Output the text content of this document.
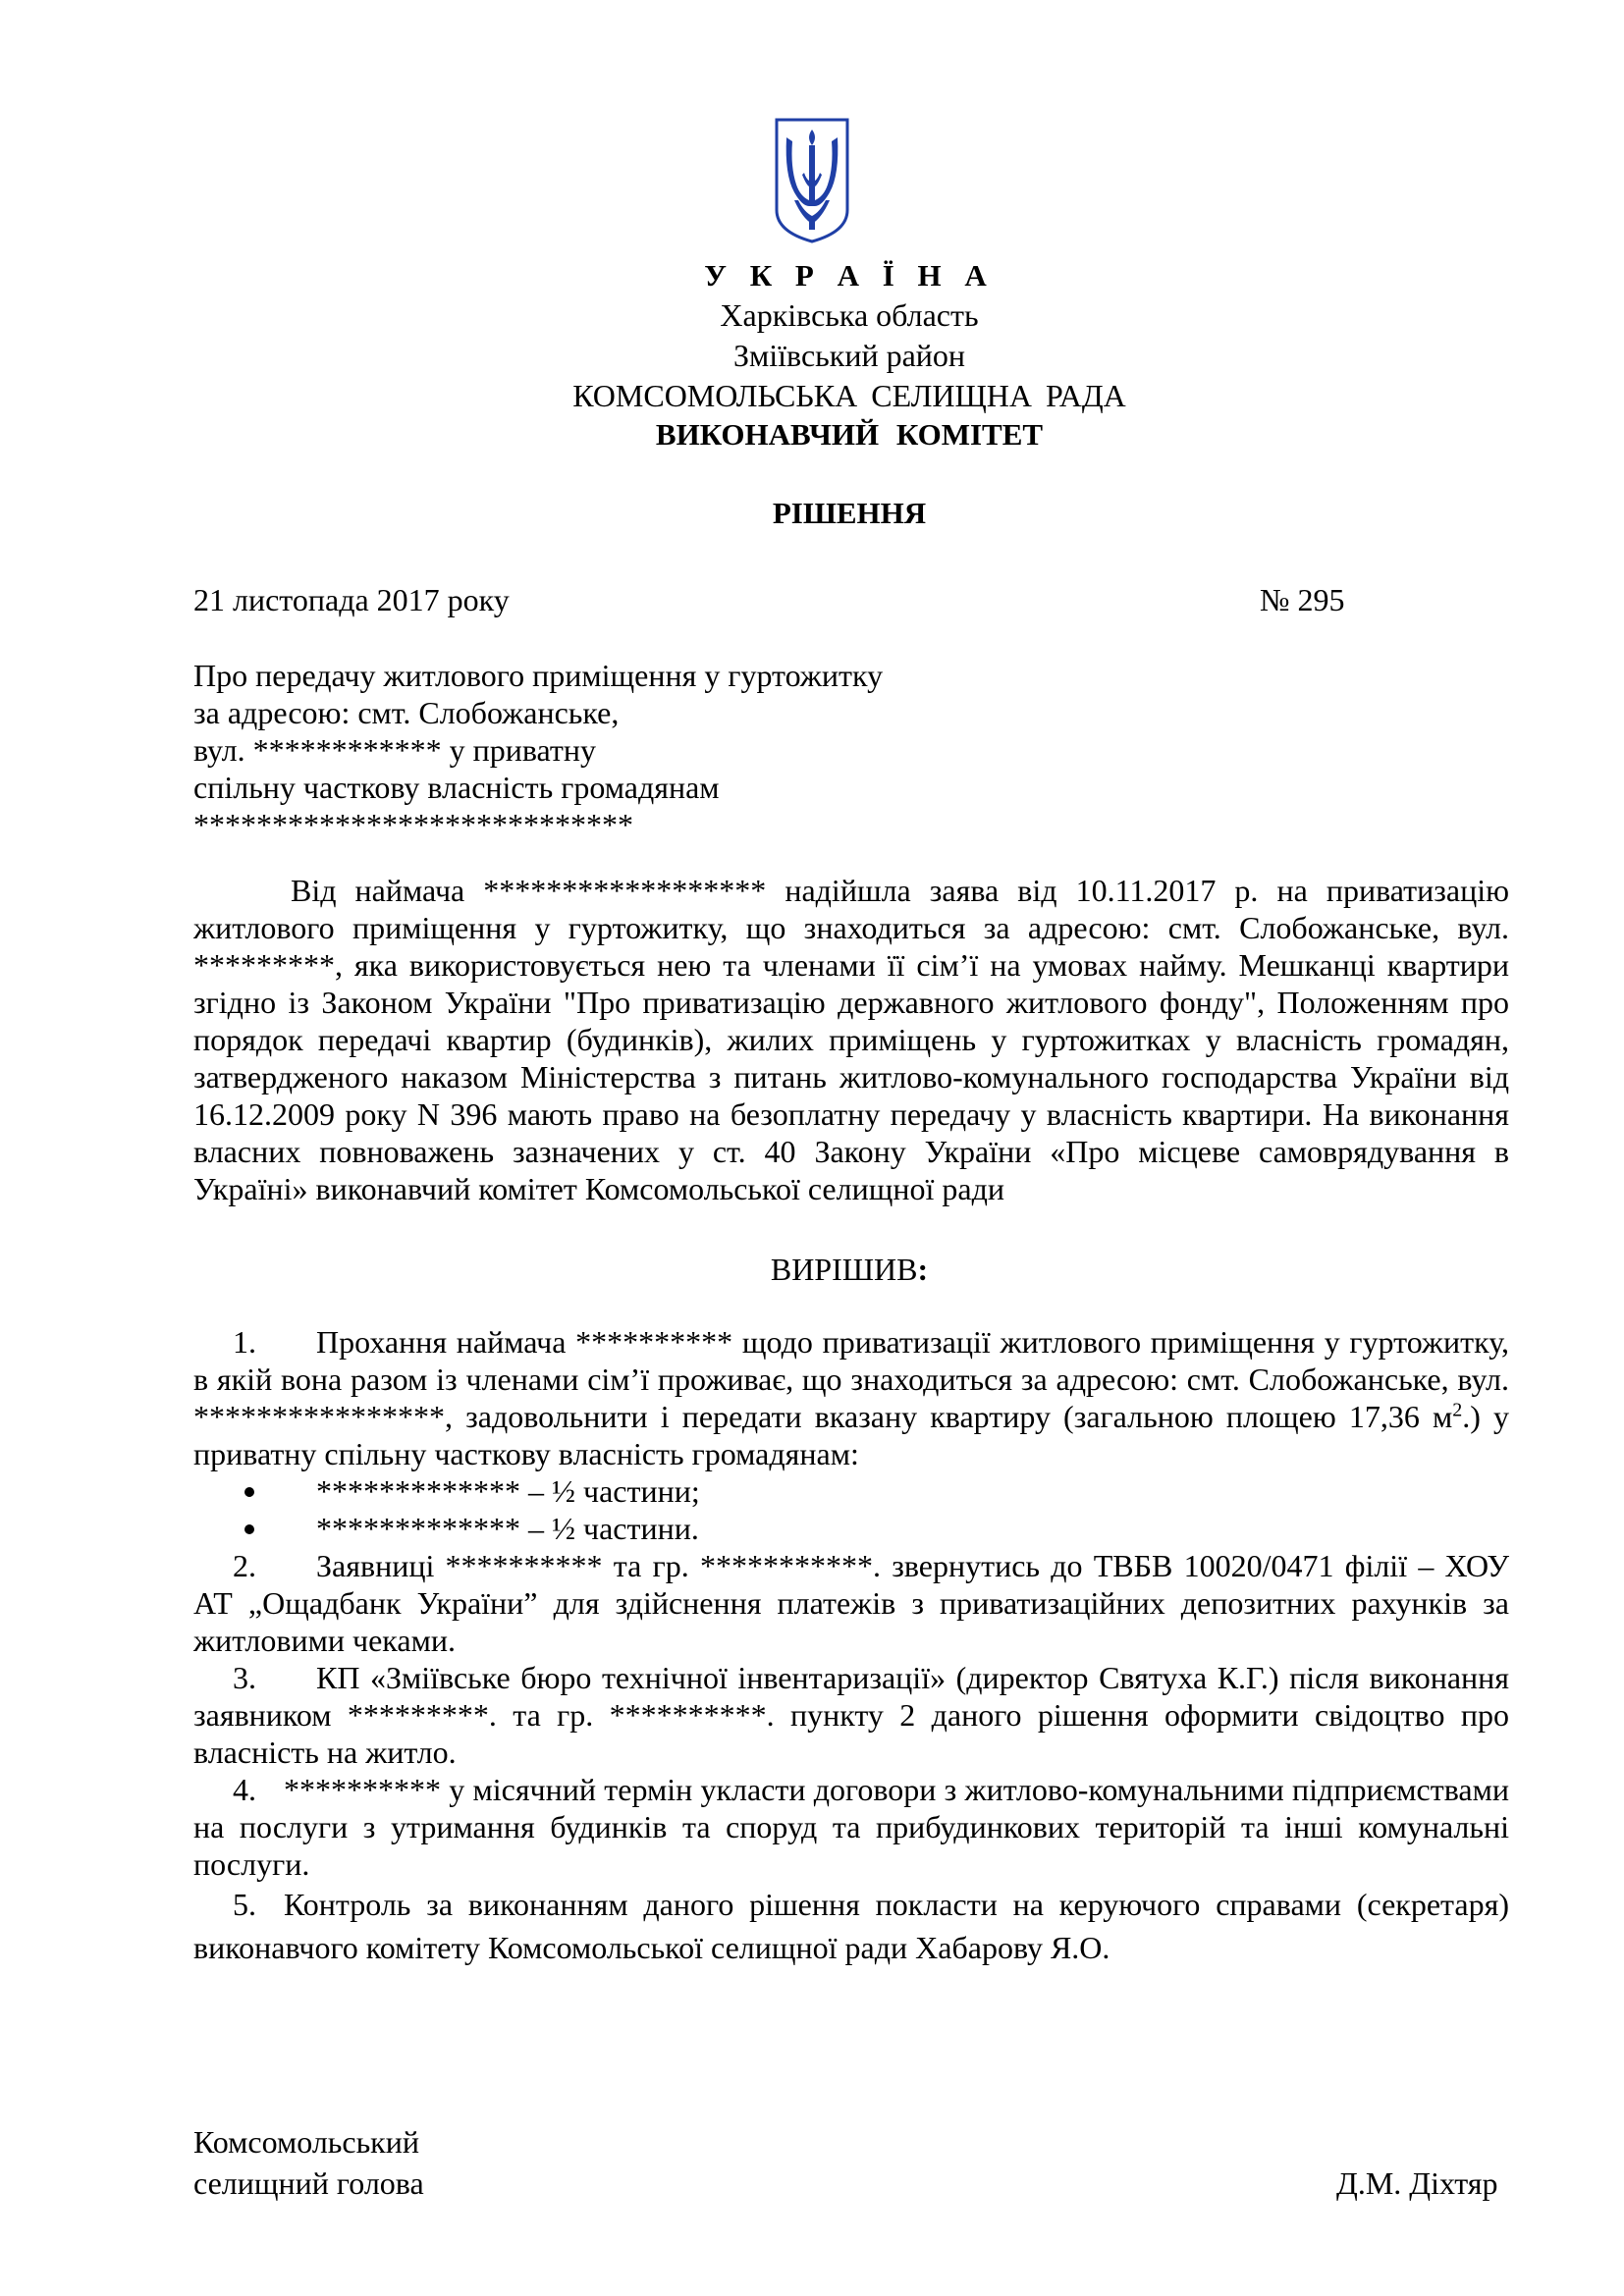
У К Р А Ї Н А
Харківська область
Зміївський район
КОМСОМОЛЬСЬКА СЕЛИЩНА РАДА
ВИКОНАВЧИЙ КОМІТЕТ
РІШЕННЯ
21 листопада 2017 року	№ 295
Про передачу житлового приміщення у гуртожитку
за адресою: смт. Слобожанське,
вул. ************ у приватну
спільну часткову власність громадянам
****************************
Від наймача ****************** надійшла заява від 10.11.2017 р. на приватизацію житлового приміщення у гуртожитку, що знаходиться за адресою: смт. Слобожанське, вул. *********, яка використовується нею та членами її сім’ї на умовах найму. Мешканці квартири згідно із Законом України "Про приватизацію державного житлового фонду", Положенням про порядок передачі квартир (будинків), жилих приміщень у гуртожитках у власність громадян, затвердженого наказом Міністерства з питань житлово-комунального господарства України від 16.12.2009 року N 396 мають право на безоплатну передачу у власність квартири. На виконання власних повноважень зазначених у ст. 40 Закону України «Про місцеве самоврядування в Україні» виконавчий комітет Комсомольської селищної ради
ВИРІШИВ:
1. Прохання наймача ********** щодо приватизації житлового приміщення у гуртожитку, в якій вона разом із членами сім’ї проживає, що знаходиться за адресою: смт. Слобожанське, вул. ****************, задовольнити і передати вказану квартиру (загальною площею 17,36 $м^2$.) у приватну спільну часткову власність громадянам:
************* – ½ частини;
************* – ½ частини.
2. Заявниці ********** та гр. ***********. звернутись до ТВБВ 10020/0471 філії – ХОУ АТ „Ощадбанк України” для здійснення платежів з приватизаційних депозитних рахунків за житловими чеками.
3. КП «Зміївське бюро технічної інвентаризації» (директор Святуха К.Г.) після виконання заявником *********. та гр. **********. пункту 2 даного рішення оформити свідоцтво про власність на житло.
4. ********** у місячний термін укласти договори з житлово-комунальними підприємствами на послуги з утримання будинків та споруд та прибудинкових територій та інші комунальні послуги.
5. Контроль за виконанням даного рішення покласти на керуючого справами (секретаря) виконавчого комітету Комсомольської селищної ради Хабарову Я.О.
Комсомольський
селищний голова	Д.М. Діхтяр
